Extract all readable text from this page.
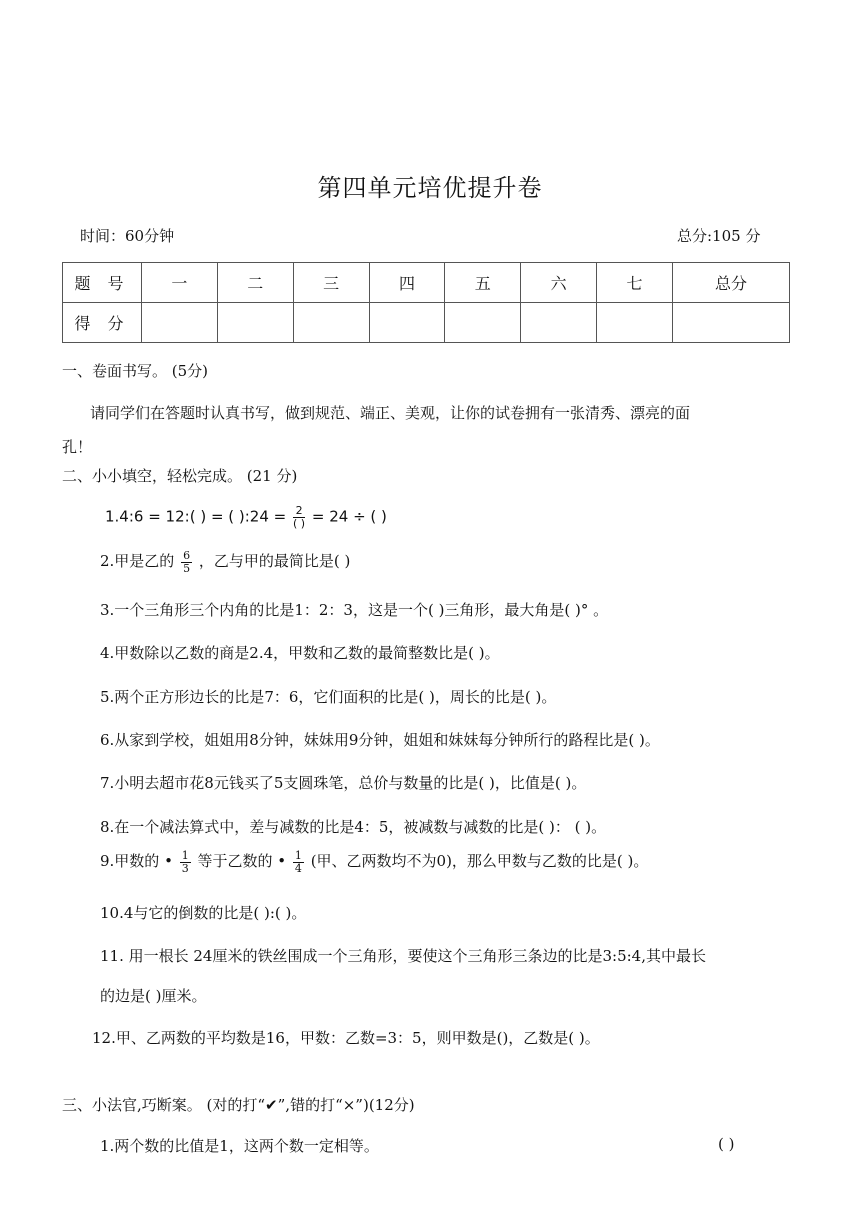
第四单元培优提升卷
时间：60分钟	总分:105 分
题 号	一	二	三	四	五	六	七	总分
得 分								
一、卷面书写。 (5分)
请同学们在答题时认真书写，做到规范、端正、美观，让你的试卷拥有一张清秀、漂亮的面
孔！
二、小小填空，轻松完成。 (21 分)
1.4:6 = 12:( ) = ( ):24 = $\frac{2}{( )} = 24$ ÷ ( )
2.甲是乙的 $\frac{6}{5}$ ，乙与甲的最简比是( )
3.一个三角形三个内角的比是1：2：3，这是一个( )三角形，最大角是( )° 。
4.甲数除以乙数的商是2.4，甲数和乙数的最简整数比是( )。
5.两个正方形边长的比是7：6，它们面积的比是( )，周长的比是( )。
6.从家到学校，姐姐用8分钟，妹妹用9分钟，姐姐和妹妹每分钟所行的路程比是( )。
7.小明去超市花8元钱买了5支圆珠笔，总价与数量的比是( )，比值是( )。
8.在一个减法算式中，差与减数的比是4：5，被减数与减数的比是( )： ( )。
9.甲数的 • $\frac{1}{3}$ 等于乙数的 • $\frac{1}{4}$ (甲、乙两数均不为0)，那么甲数与乙数的比是( )。
10.4与它的倒数的比是( ):( )。
11. 用一根长 24厘米的铁丝围成一个三角形，要使这个三角形三条边的比是3:5:4,其中最长
的边是( )厘米。
12.甲、乙两数的平均数是16，甲数：乙数=3：5，则甲数是()，乙数是( )。
三、小法官,巧断案。 (对的打“✔”,错的打“×”)(12分)
1.两个数的比值是1，这两个数一定相等。	( )
